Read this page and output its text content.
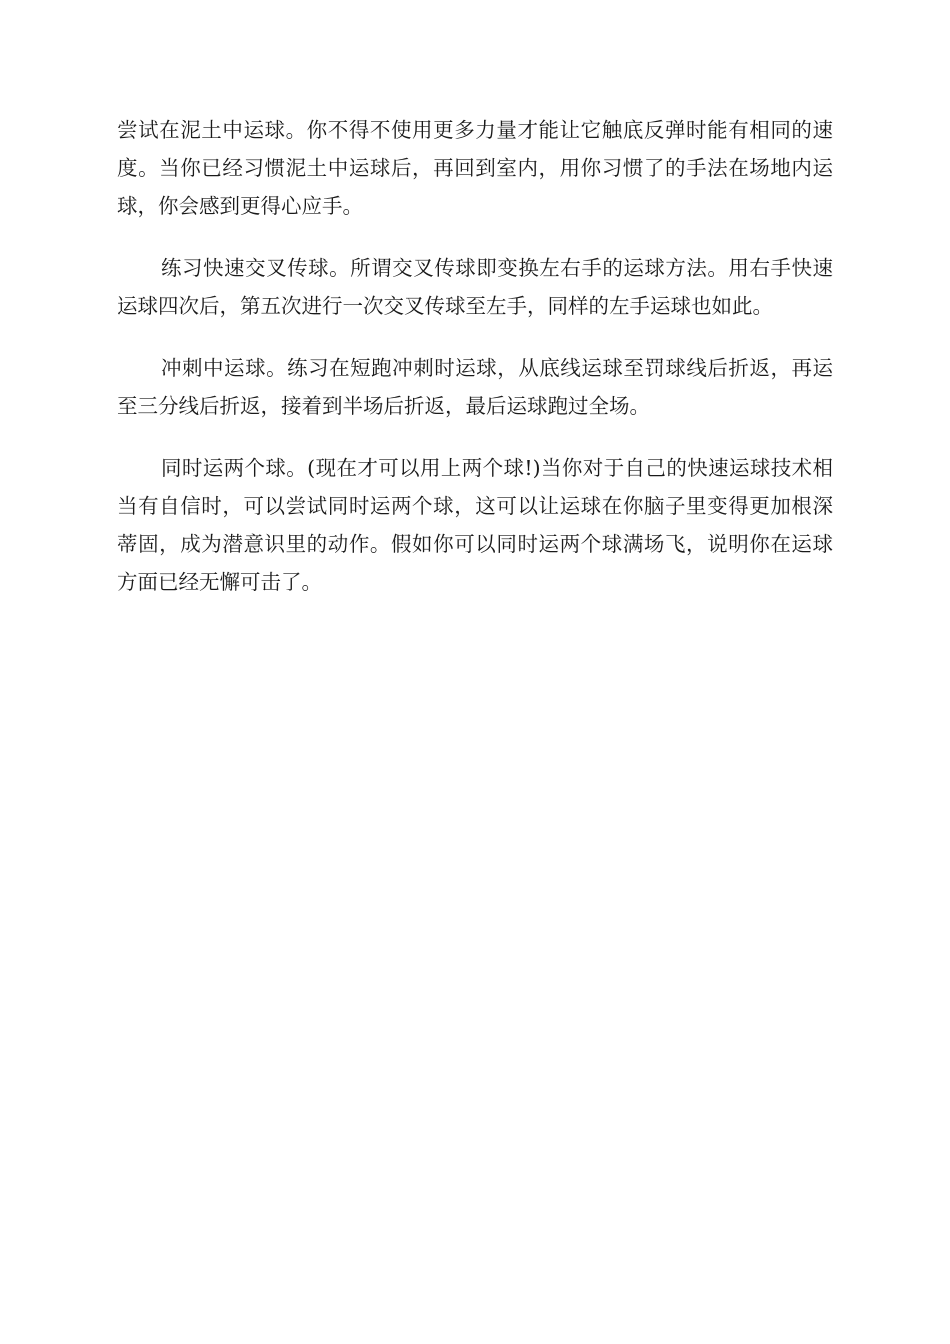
尝试在泥土中运球。你不得不使用更多力量才能让它触底反弹时能有相同的速度。当你已经习惯泥土中运球后，再回到室内，用你习惯了的手法在场地内运球，你会感到更得心应手。

练习快速交叉传球。所谓交叉传球即变换左右手的运球方法。用右手快速运球四次后，第五次进行一次交叉传球至左手，同样的左手运球也如此。

冲刺中运球。练习在短跑冲刺时运球，从底线运球至罚球线后折返，再运至三分线后折返，接着到半场后折返，最后运球跑过全场。

同时运两个球。(现在才可以用上两个球!)当你对于自己的快速运球技术相当有自信时，可以尝试同时运两个球，这可以让运球在你脑子里变得更加根深蒂固，成为潜意识里的动作。假如你可以同时运两个球满场飞，说明你在运球方面已经无懈可击了。
